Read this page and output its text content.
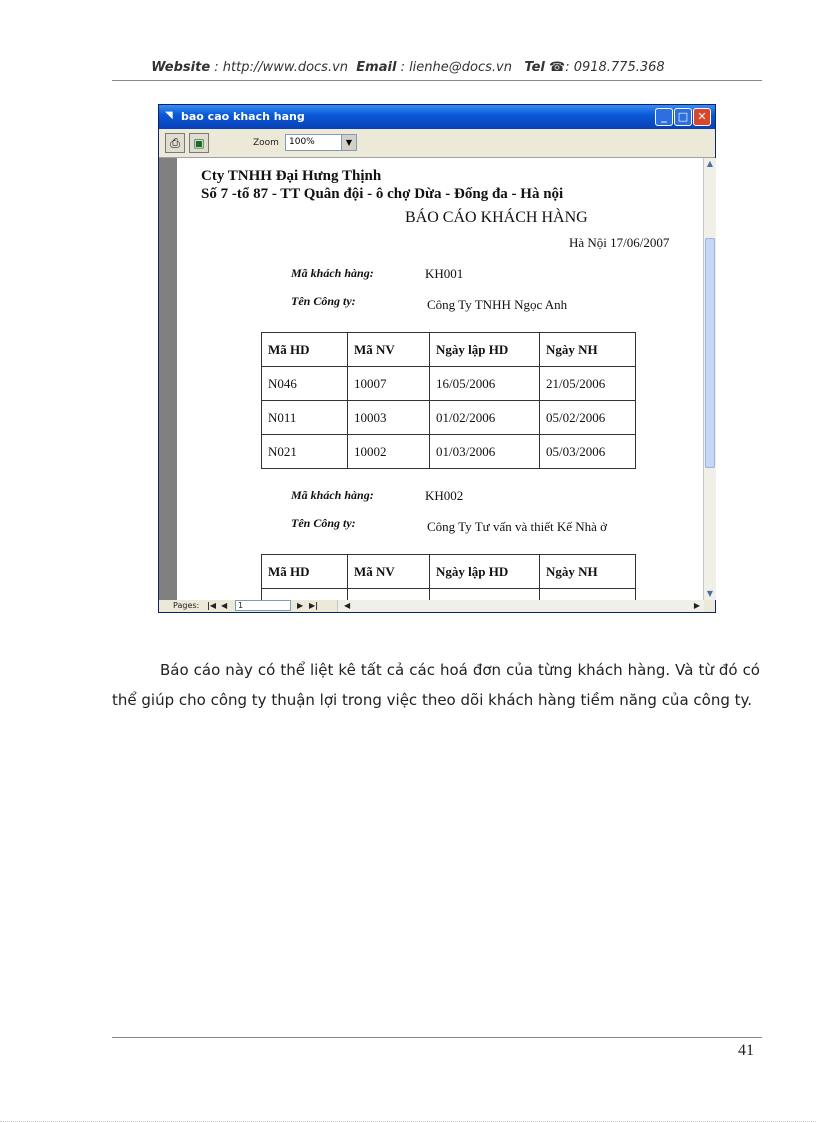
Website : http://www.docs.vn Email : lienhe@docs.vn Tel ☎: 0918.775.368
◥ bao cao khach hang	_	□ ✕
⎙	▣	Zoom	100%	▼
Cty TNHH Đại Hưng Thịnh
Số 7 -tổ 87 - TT Quân đội - ô chợ Dừa - Đống đa - Hà nội
BÁO CÁO KHÁCH HÀNG
Hà Nội 17/06/2007
Mã khách hàng:	KH001
Tên Công ty:	Công Ty TNHH Ngọc Anh
Mã HD	Mã NV	Ngày lập HD	Ngày NH
N046	10007	16/05/2006	21/05/2006
N011	10003	01/02/2006	05/02/2006
N021	10002	01/03/2006	05/03/2006
Mã khách hàng:	KH002
Tên Công ty:	Công Ty Tư vấn và thiết Kế Nhà ở
Mã HD	Mã NV	Ngày lập HD	Ngày NH

▲
▼
Pages: |◀ ◀	1	▶ ▶|	◀	▶
Báo cáo này có thể liệt kê tất cả các hoá đơn của từng khách hàng. Và từ đó có thể giúp cho công ty thuận lợi trong việc theo dõi khách hàng tiềm năng của công ty.
41
